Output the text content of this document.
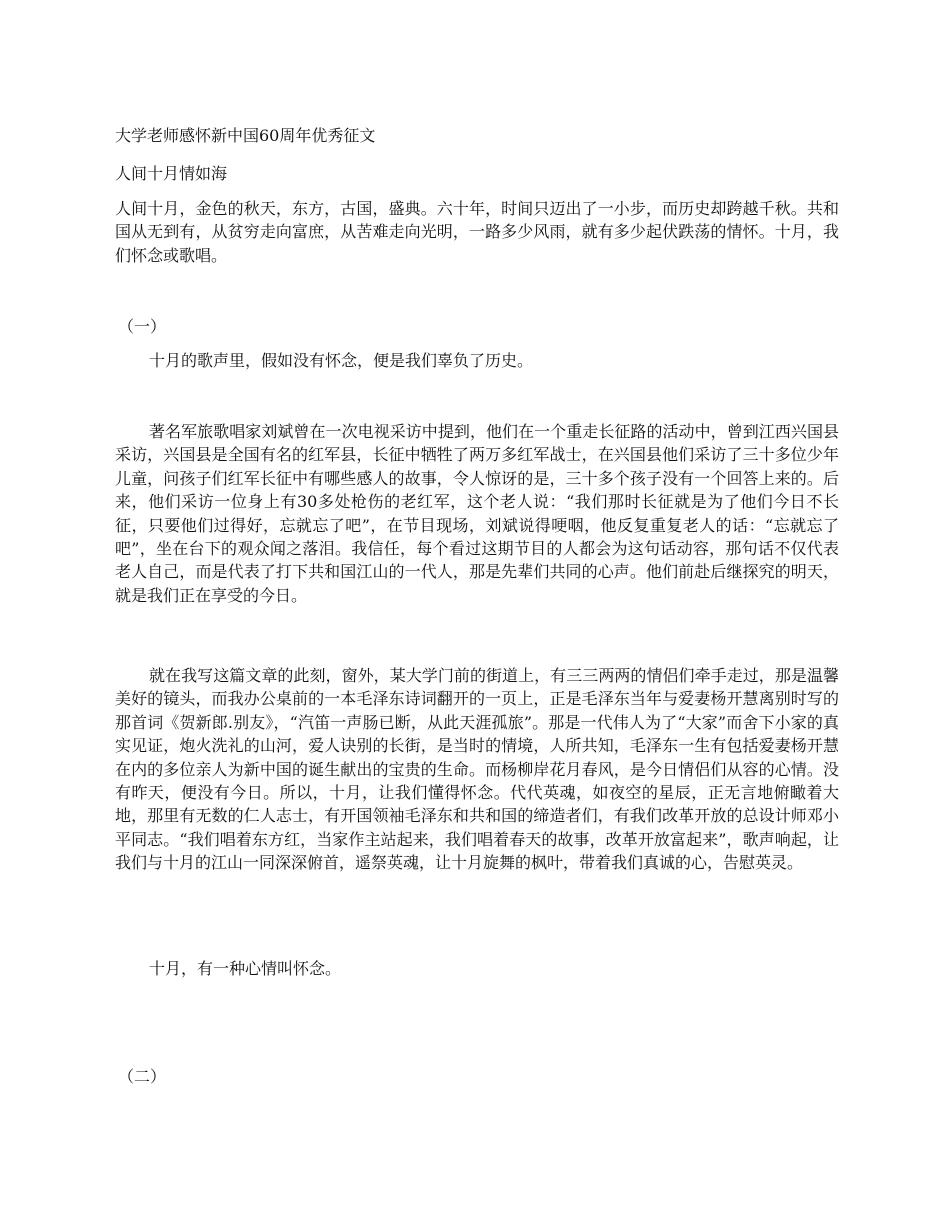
大学老师感怀新中国60周年优秀征文
人间十月情如海
人间十月，金色的秋天，东方，古国，盛典。六十年，时间只迈出了一小步，而历史却跨越千秋。共和国从无到有，从贫穷走向富庶，从苦难走向光明，一路多少风雨，就有多少起伏跌荡的情怀。十月，我们怀念或歌唱。
（一）
十月的歌声里，假如没有怀念，便是我们辜负了历史。
著名军旅歌唱家刘斌曾在一次电视采访中提到，他们在一个重走长征路的活动中，曾到江西兴国县采访，兴国县是全国有名的红军县，长征中牺牲了两万多红军战士，在兴国县他们采访了三十多位少年儿童，问孩子们红军长征中有哪些感人的故事，令人惊讶的是，三十多个孩子没有一个回答上来的。后来，他们采访一位身上有30多处枪伤的老红军，这个老人说：“我们那时长征就是为了他们今日不长征，只要他们过得好，忘就忘了吧”，在节目现场，刘斌说得哽咽，他反复重复老人的话：“忘就忘了吧”，坐在台下的观众闻之落泪。我信任，每个看过这期节目的人都会为这句话动容，那句话不仅代表老人自己，而是代表了打下共和国江山的一代人，那是先辈们共同的心声。他们前赴后继探究的明天，就是我们正在享受的今日。
就在我写这篇文章的此刻，窗外，某大学门前的街道上，有三三两两的情侣们牵手走过，那是温馨美好的镜头，而我办公桌前的一本毛泽东诗词翻开的一页上，正是毛泽东当年与爱妻杨开慧离别时写的那首词《贺新郎.别友》，“汽笛一声肠已断，从此天涯孤旅”。那是一代伟人为了“大家”而舍下小家的真实见证，炮火洗礼的山河，爱人诀别的长街，是当时的情境，人所共知，毛泽东一生有包括爱妻杨开慧在内的多位亲人为新中国的诞生献出的宝贵的生命。而杨柳岸花月春风，是今日情侣们从容的心情。没有昨天，便没有今日。所以，十月，让我们懂得怀念。代代英魂，如夜空的星辰，正无言地俯瞰着大地，那里有无数的仁人志士，有开国领袖毛泽东和共和国的缔造者们，有我们改革开放的总设计师邓小平同志。“我们唱着东方红，当家作主站起来，我们唱着春天的故事，改革开放富起来”，歌声响起，让我们与十月的江山一同深深俯首，遥祭英魂，让十月旋舞的枫叶，带着我们真诚的心，告慰英灵。
十月，有一种心情叫怀念。
（二）
